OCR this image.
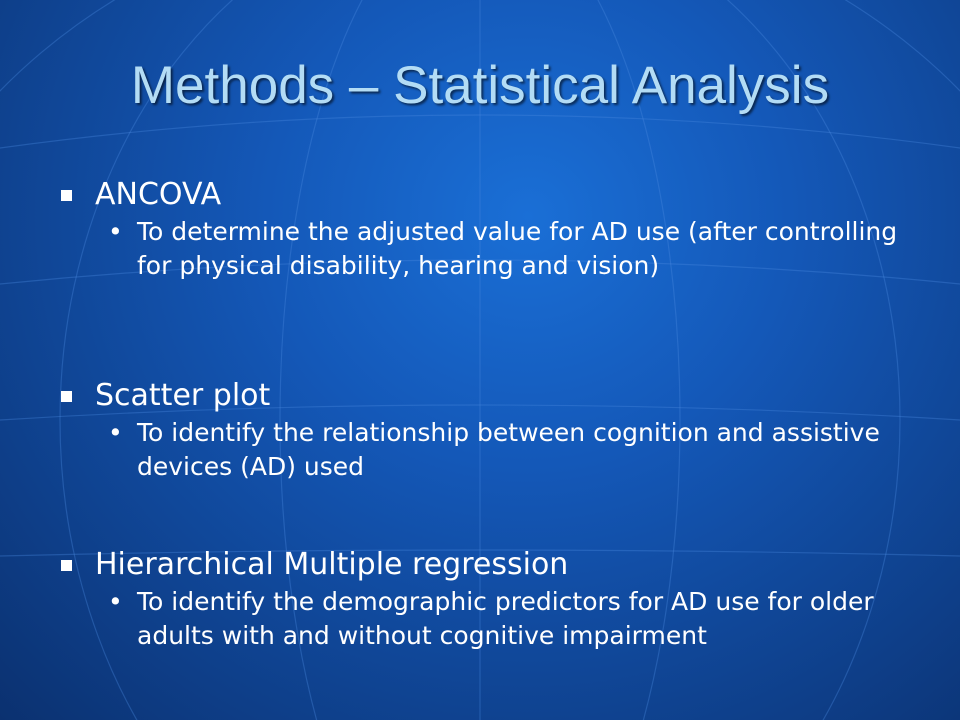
Methods – Statistical Analysis
ANCOVA
• To determine the adjusted value for AD use (after controlling for physical disability, hearing and vision)
Scatter plot
• To identify the relationship between cognition and assistive devices (AD) used
Hierarchical Multiple regression
• To identify the demographic predictors for AD use for older adults with and without cognitive impairment
